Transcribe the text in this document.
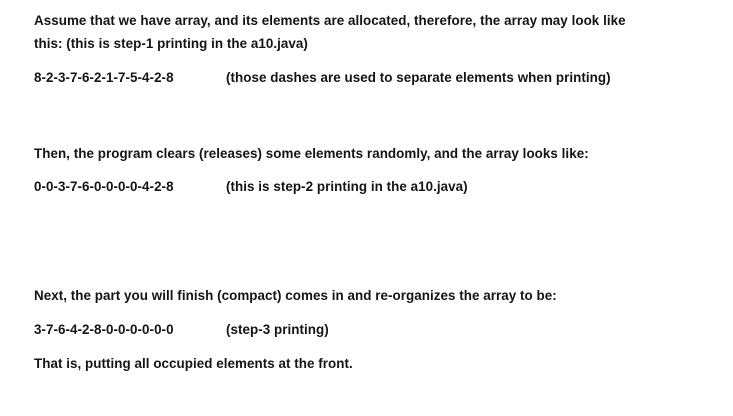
Assume that we have array, and its elements are allocated, therefore, the array may look like
this: (this is step-1 printing in the a10.java)
8-2-3-7-6-2-1-7-5-4-2-8	(those dashes are used to separate elements when printing)
Then, the program clears (releases) some elements randomly, and the array looks like:
0-0-3-7-6-0-0-0-0-4-2-8	(this is step-2 printing in the a10.java)
Next, the part you will finish (compact) comes in and re-organizes the array to be:
3-7-6-4-2-8-0-0-0-0-0-0	(step-3 printing)
That is, putting all occupied elements at the front.
